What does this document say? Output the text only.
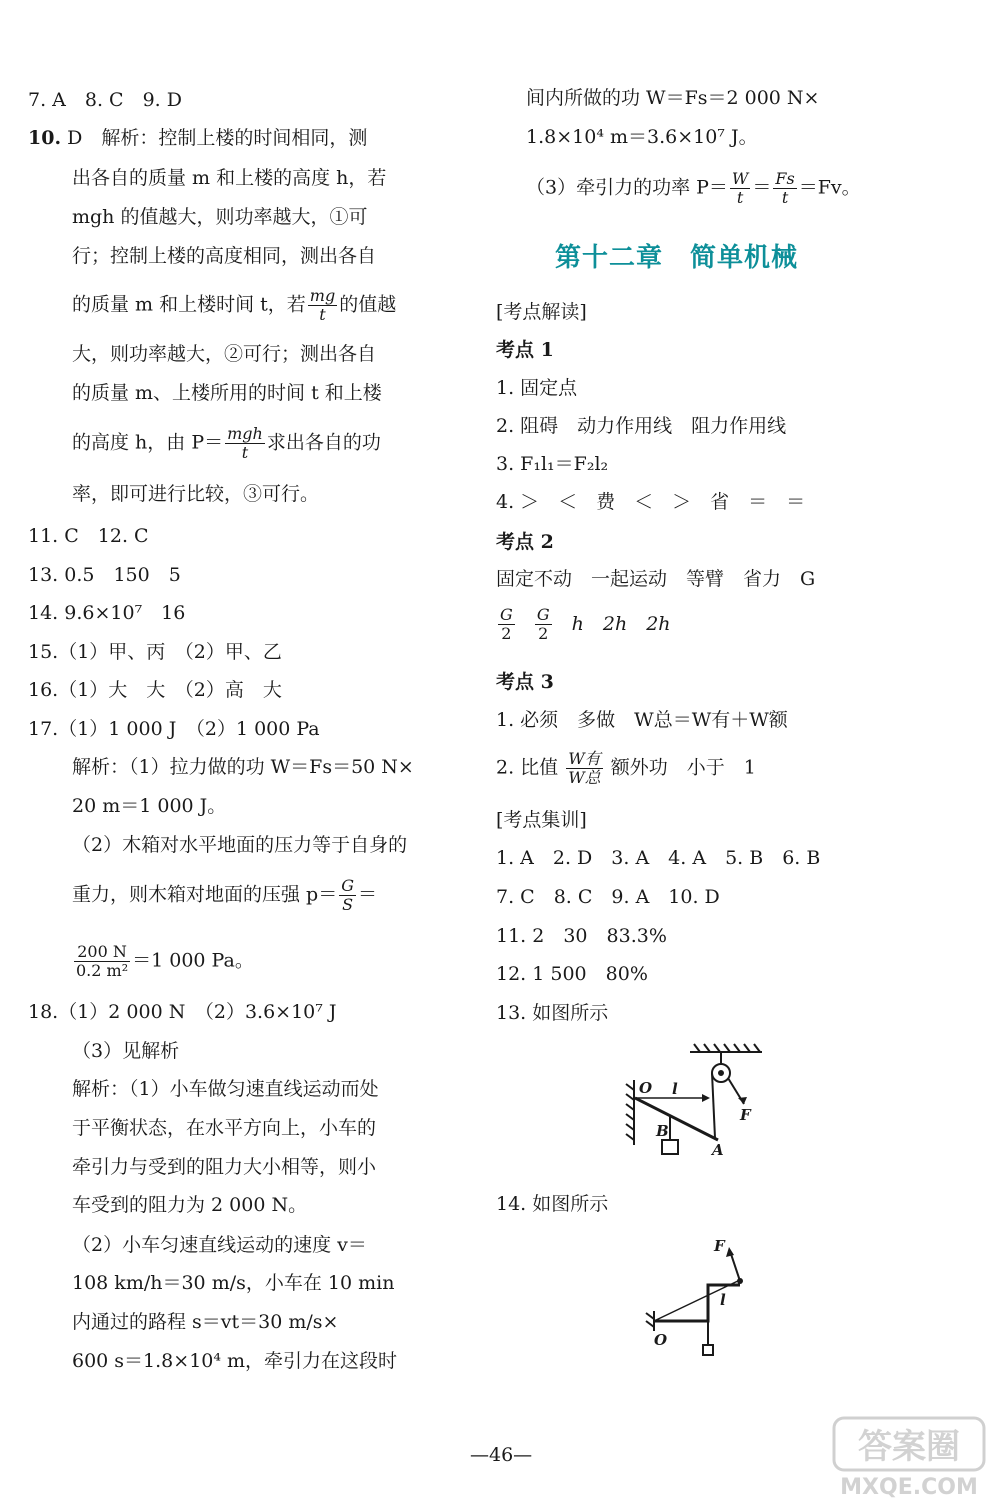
7. A　8. C　9. D
10. D　解析：控制上楼的时间相同，测
出各自的质量 m 和上楼的高度 h，若
mgh 的值越大，则功率越大，①可
行；控制上楼的高度相同，测出各自
的质量 m 和上楼时间 t，若 $\frac{mg}{t}$ 的值越
大，则功率越大，②可行；测出各自
的质量 m、上楼所用的时间 t 和上楼
的高度 h，由 $P= \frac{\text{mgh}}{t}$ 求出各自的功
率，即可进行比较，③可行。
11. C　12. C
13. 0.5　150　5
14. 9.6×10⁷　16
15.（1）甲、丙　（2）甲、乙
16.（1）大　大　（2）高　大
17.（1）1 000 J　（2）1 000 Pa
解析：（1）拉力做的功 W＝Fs＝50 N×
20 m＝1 000 J。
（2）木箱对水平地面的压力等于自身的
重力，则木箱对地面的压强 $p= \frac{G}{S}$ ＝
$\frac{200 N}{\text{0.2 m²}} =1$ 000 Pa。
18.（1）2 000 N　（2）3.6×10⁷ J
（3）见解析
解析：（1）小车做匀速直线运动而处
于平衡状态，在水平方向上，小车的
牵引力与受到的阻力大小相等，则小
车受到的阻力为 2 000 N。
（2）小车匀速直线运动的速度 v＝
108 km/h＝30 m/s，小车在 10 min
内通过的路程 s＝vt＝30 m/s×
600 s＝1.8×10⁴ m，牵引力在这段时
间内所做的功 W＝Fs＝2 000 N×
1.8×10⁴ m＝3.6×10⁷ J。
（3）牵引力的功率 $P= \frac{W}{t} = \frac{Fs}{t} =Fv$。
[考点解读]
考点 1
1. 固定点
2. 阻碍　动力作用线　阻力作用线
3. F₁l₁＝F₂l₂
4. ＞　＜　费　＜　＞　省　＝　＝
考点 2
固定不动　一起运动　等臂　省力　G
$\frac{G}{2}$
$\frac{G}{2}$ h　2h　2h
考点 3
1. 必须　多做　W总＝W有＋W额
2. 比值 $\frac{\text{W有}}{\text{W总}}$ 额外功　小于　1
[考点集训]
1. A　2. D　3. A　4. A　5. B　6. B
7. C　8. C　9. A　10. D
11. 2　30　83.3%
12. 1 500　80%
13. 如图所示
14. 如图所示
第十二章　简单机械
O l
F
B
A
F
l
O
—46—	答案圈
MXQE.COM
